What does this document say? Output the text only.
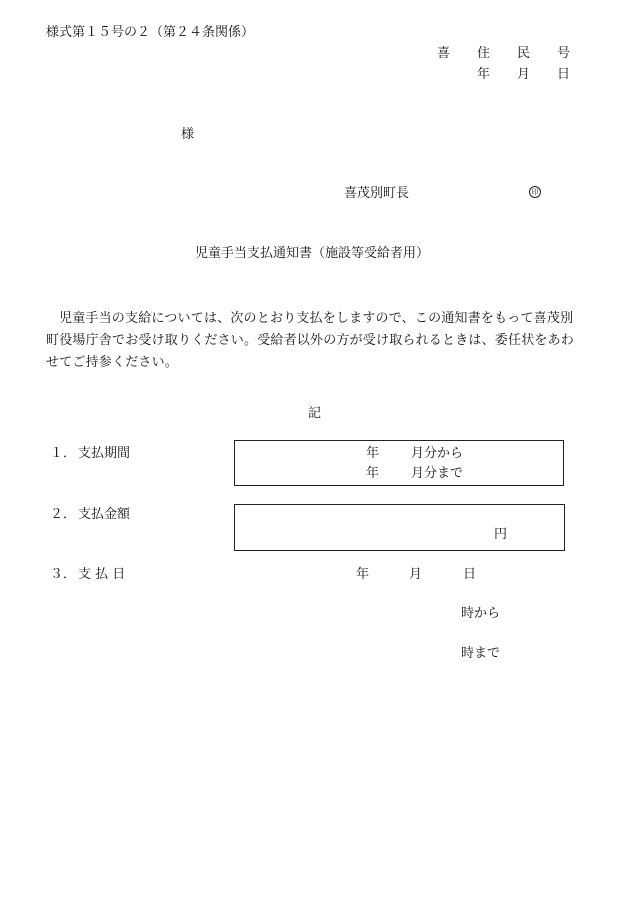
様式第１５号の２（第２４条関係）
喜 住 民 号
年 月 日
様
喜茂別町長	印
児童手当支払通知書（施設等受給者用）
児童手当の支給については、次のとおり支払をしますので、この通知書をもって喜茂別町役場庁舎でお受け取りください。受給者以外の方が受け取られるときは、委任状をあわせてご持参ください。
記
１． 支払期間	年 月分から
年 月分まで
２． 支払金額
円
３． 支 払 日	年	月	日
時から
時まで
